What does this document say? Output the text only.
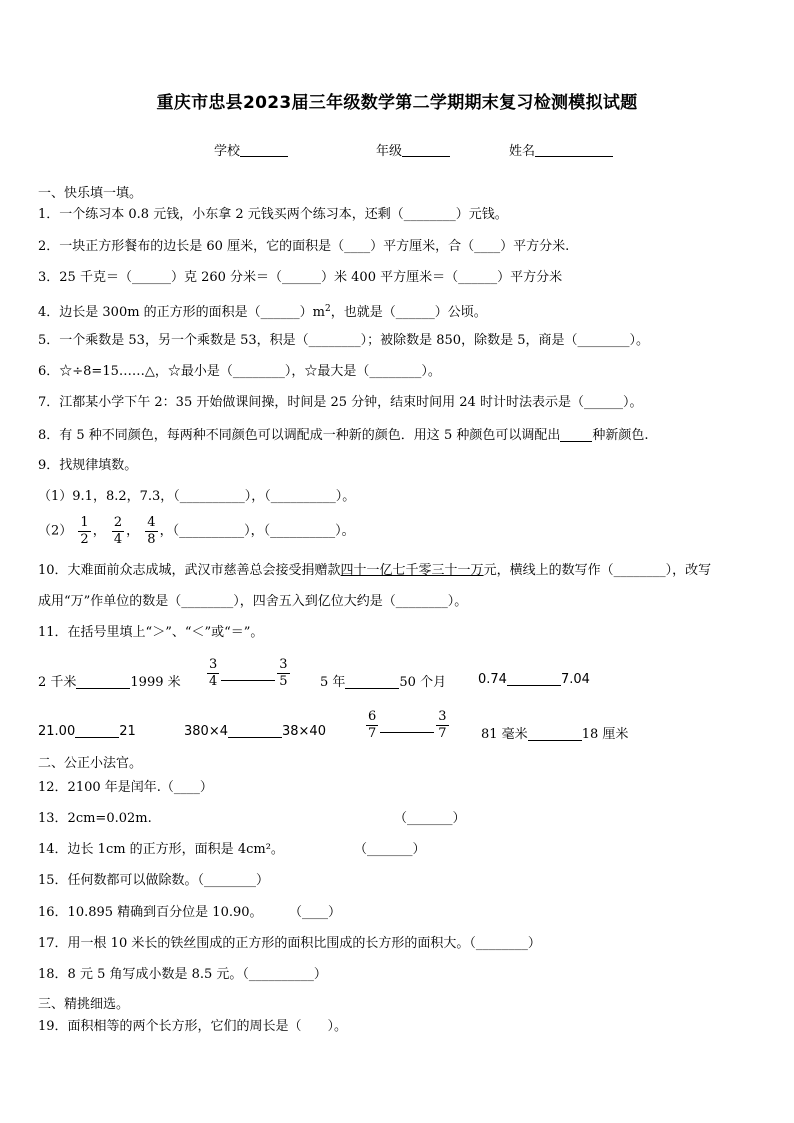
重庆市忠县2023届三年级数学第二学期期末复习检测模拟试题
学校	年级	姓名
一、快乐填一填。
1．一个练习本 0.8 元钱，小东拿 2 元钱买两个练习本，还剩（________）元钱。
2．一块正方形餐布的边长是 60 厘米，它的面积是（____）平方厘米，合（____）平方分米.
3．25 千克＝（______）克 260 分米＝（______）米 400 平方厘米＝（______）平方分米
4．边长是 300m 的正方形的面积是$(\_\_\_\_\_\_)m^2$，也就是（______）公顷。
5．一个乘数是 53，另一个乘数是 53，积是（________）；被除数是 850，除数是 5，商是（________）。
6．☆÷8=15……△，☆最小是（________），☆最大是（________）。
7．江都某小学下午 2：35 开始做课间操，时间是 25 分钟，结束时间用 24 时计时法表示是（______）。
8．有 5 种不同颜色，每两种不同颜色可以调配成一种新的颜色．用这 5 种颜色可以调配出 种新颜色.
9．找规律填数。
（1）9.1，8.2，7.3，（__________），（__________）。
$(2) \frac{1}{2}$ ， $\frac{2}{4}$ ， $\frac{4}{8}$ ，（__________），（__________）。
10．大难面前众志成城，武汉市慈善总会接受捐赠款四十一亿七千零三十一万元，横线上的数写作（________），改写
成用“万”作单位的数是（________），四舍五入到亿位大约是（________）。
11．在括号里填上“＞”、“＜”或“＝”。
2 千米	1999 米 $\frac{3}{4}$	$\frac{3}{5} 5$ 年	50 个月 0.74	7.04
21.00	21	380×4	38×40	$\frac{6}{7}$	$\frac{3}{7} 81$ 毫米	18 厘米
二、公正小法官。
12．2100 年是闰年.（____）
13．2cm=0.02m.	（_______）
14．边长 1cm 的正方形，面积是 4cm²。	（_______）
15．任何数都可以做除数。（________）
16．10.895 精确到百分位是 10.90。 （____）
17．用一根 10 米长的铁丝围成的正方形的面积比围成的长方形的面积大。（________）
18．8 元 5 角写成小数是 8.5 元。（__________）
三、精挑细选。
19．面积相等的两个长方形，它们的周长是（　　）。
